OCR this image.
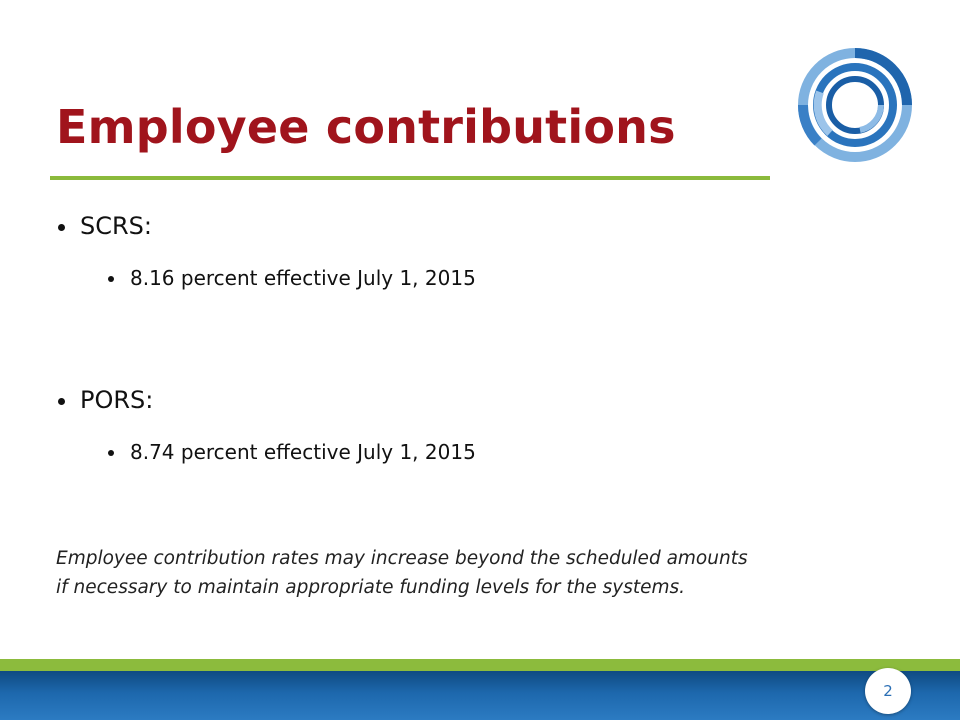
Employee contributions
SCRS:
8.16 percent effective July 1, 2015
PORS:
8.74 percent effective July 1, 2015
Employee contribution rates may increase beyond the scheduled amounts
if necessary to maintain appropriate funding levels for the systems.
2
